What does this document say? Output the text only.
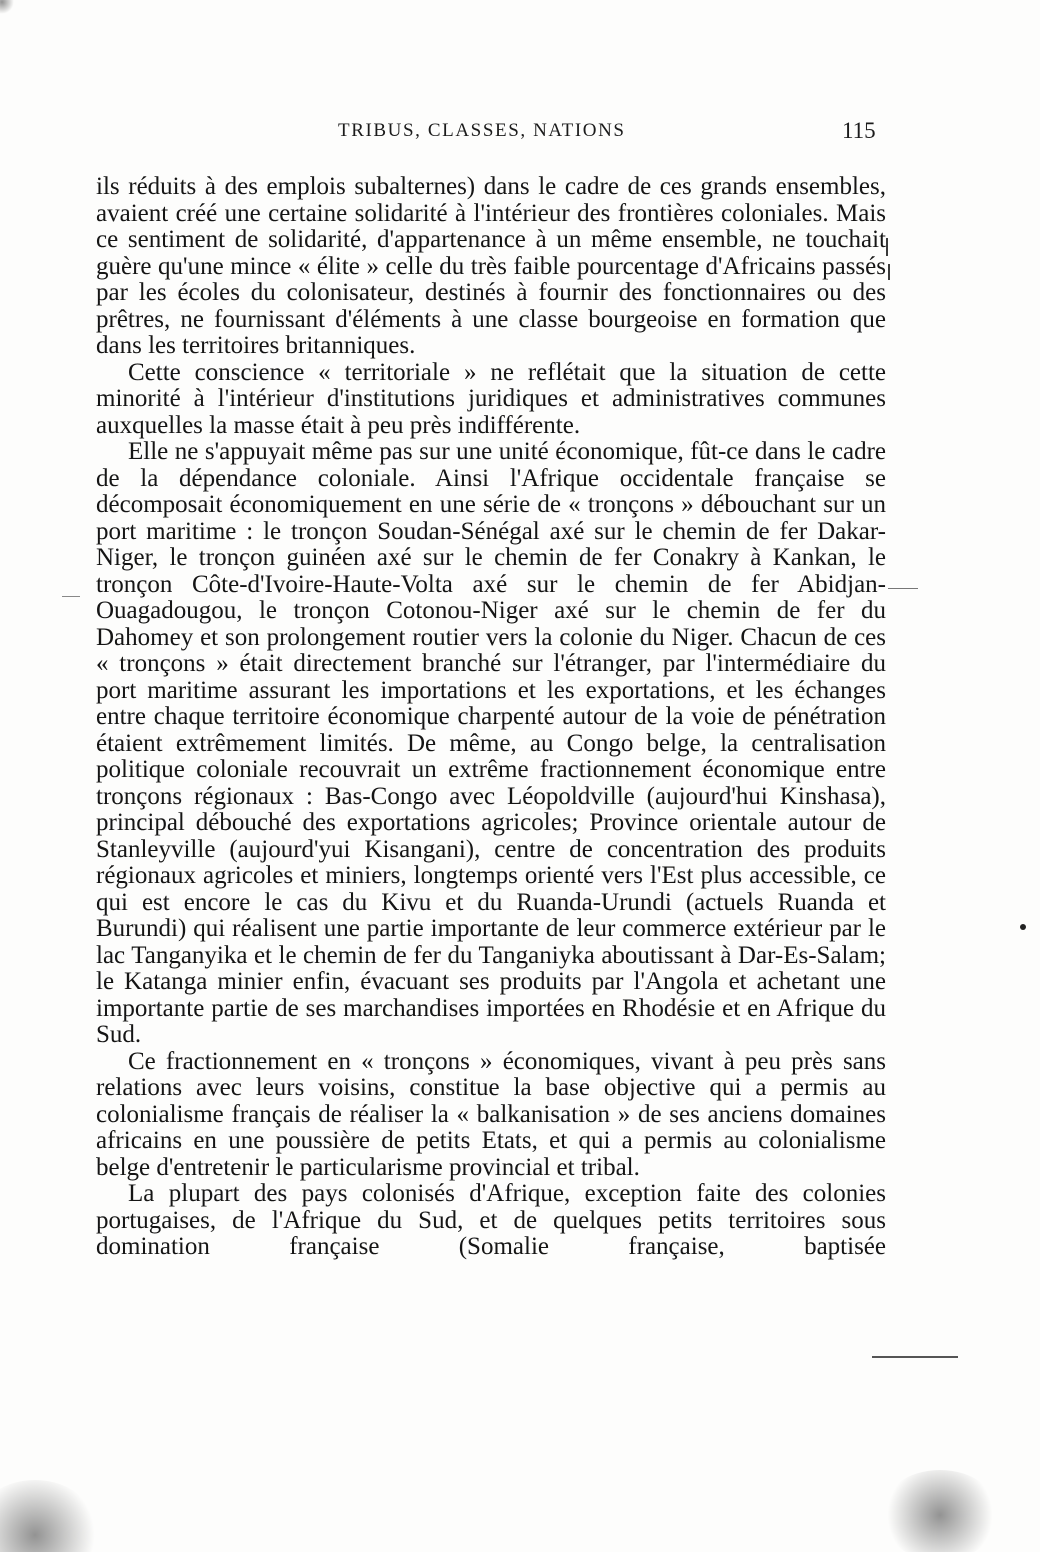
TRIBUS, CLASSES, NATIONS	115

ils réduits à des emplois subalternes) dans le cadre de ces grands ensembles, avaient créé une certaine solidarité à l'intérieur des frontières coloniales. Mais ce sentiment de solidarité, d'appartenance à un même ensemble, ne touchait guère qu'une mince « élite » celle du très faible pourcentage d'Africains passés par les écoles du colonisateur, destinés à fournir des fonctionnaires ou des prêtres, ne fournissant d'éléments à une classe bourgeoise en formation que dans les territoires britanniques.

Cette conscience « territoriale » ne reflétait que la situation de cette minorité à l'intérieur d'institutions juridiques et administratives communes auxquelles la masse était à peu près indifférente.

Elle ne s'appuyait même pas sur une unité économique, fût-ce dans le cadre de la dépendance coloniale. Ainsi l'Afrique occidentale française se décomposait économiquement en une série de « tronçons » débouchant sur un port maritime : le tronçon Soudan-Sénégal axé sur le chemin de fer Dakar-Niger, le tronçon guinéen axé sur le chemin de fer Conakry à Kankan, le tronçon Côte-d'Ivoire-Haute-Volta axé sur le chemin de fer Abidjan-Ouagadougou, le tronçon Cotonou-Niger axé sur le chemin de fer du Dahomey et son prolongement routier vers la colonie du Niger. Chacun de ces « tronçons » était directement branché sur l'étranger, par l'intermédiaire du port maritime assurant les importations et les exportations, et les échanges entre chaque territoire économique charpenté autour de la voie de pénétration étaient extrêmement limités. De même, au Congo belge, la centralisation politique coloniale recouvrait un extrême fractionnement économique entre tronçons régionaux : Bas-Congo avec Léopoldville (aujourd'hui Kinshasa), principal débouché des exportations agricoles; Province orientale autour de Stanleyville (aujourd'yui Kisangani), centre de concentration des produits régionaux agricoles et miniers, longtemps orienté vers l'Est plus accessible, ce qui est encore le cas du Kivu et du Ruanda-Urundi (actuels Ruanda et Burundi) qui réalisent une partie importante de leur commerce extérieur par le lac Tanganyika et le chemin de fer du Tanganiyka aboutissant à Dar-Es-Salam; le Katanga minier enfin, évacuant ses produits par l'Angola et achetant une importante partie de ses marchandises importées en Rhodésie et en Afrique du Sud.

Ce fractionnement en « tronçons » économiques, vivant à peu près sans relations avec leurs voisins, constitue la base objective qui a permis au colonialisme français de réaliser la « balkanisation » de ses anciens domaines africains en une poussière de petits Etats, et qui a permis au colonialisme belge d'entretenir le particularisme provincial et tribal.

La plupart des pays colonisés d'Afrique, exception faite des colonies portugaises, de l'Afrique du Sud, et de quelques petits territoires sous domination française (Somalie française, baptisée
